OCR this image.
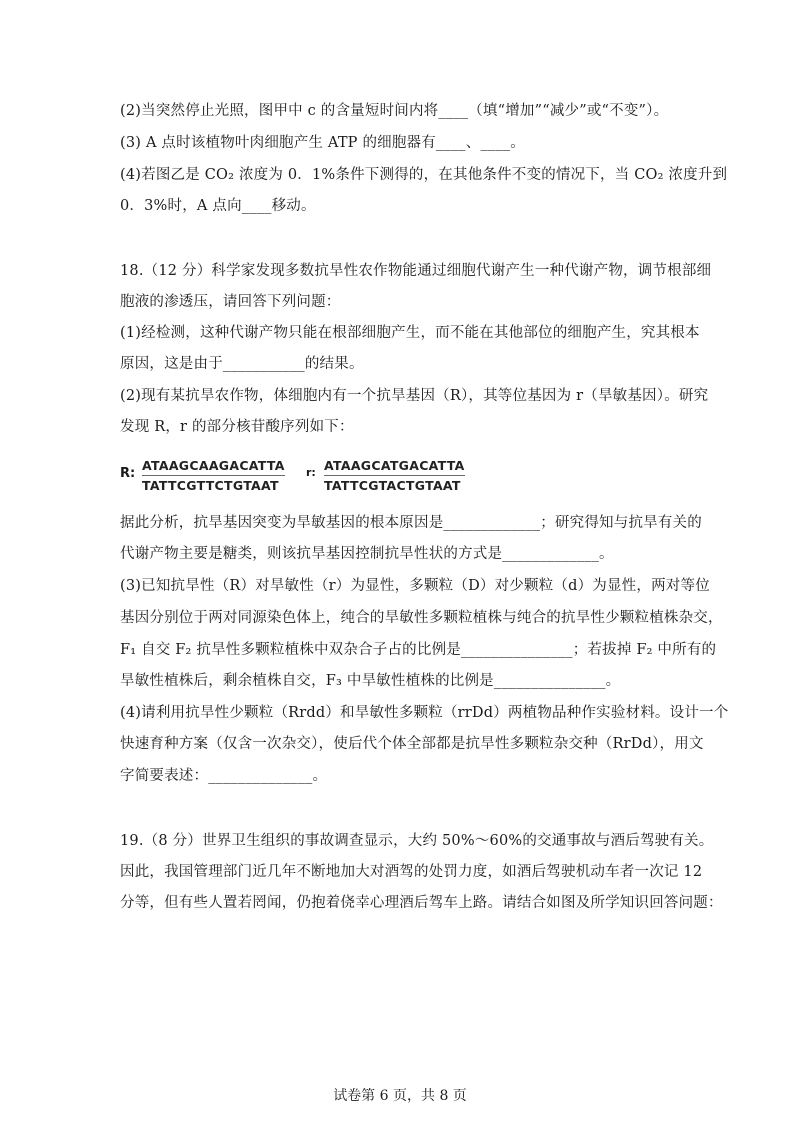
(2)当突然停止光照，图甲中 c 的含量短时间内将____（填“增加”“减少”或“不变”）。
(3) A 点时该植物叶肉细胞产生 ATP 的细胞器有____、____。
(4)若图乙是 CO₂ 浓度为 0．1%条件下测得的，在其他条件不变的情况下，当 CO₂ 浓度升到
0．3%时，A 点向____移动。
18.（12 分）科学家发现多数抗旱性农作物能通过细胞代谢产生一种代谢产物，调节根部细
胞液的渗透压，请回答下列问题：
(1)经检测，这种代谢产物只能在根部细胞产生，而不能在其他部位的细胞产生，究其根本
原因，这是由于___________的结果。
(2)现有某抗旱农作物，体细胞内有一个抗旱基因（R），其等位基因为 r（旱敏基因）。研究
发现 R，r 的部分核苷酸序列如下：
R:
ATAAGCAAGACATTA
TATTCGTTCTGTAAT
r: ATAAGCATGACATTA
TATTCGTACTGTAAT
据此分析，抗旱基因突变为旱敏基因的根本原因是_____________；研究得知与抗旱有关的
代谢产物主要是糖类，则该抗旱基因控制抗旱性状的方式是_____________。
(3)已知抗旱性（R）对旱敏性（r）为显性，多颗粒（D）对少颗粒（d）为显性，两对等位
基因分别位于两对同源染色体上，纯合的旱敏性多颗粒植株与纯合的抗旱性少颗粒植株杂交，
F₁ 自交 F₂ 抗旱性多颗粒植株中双杂合子占的比例是_______________；若拔掉 F₂ 中所有的
旱敏性植株后，剩余植株自交，F₃ 中旱敏性植株的比例是_______________。
(4)请利用抗旱性少颗粒（Rrdd）和旱敏性多颗粒（rrDd）两植物品种作实验材料。设计一个
快速育种方案（仅含一次杂交），使后代个体全部都是抗旱性多颗粒杂交种（RrDd），用文
字简要表述：______________。
19.（8 分）世界卫生组织的事故调查显示，大约 50%～60%的交通事故与酒后驾驶有关。
因此，我国管理部门近几年不断地加大对酒驾的处罚力度，如酒后驾驶机动车者一次记 12
分等，但有些人置若罔闻，仍抱着侥幸心理酒后驾车上路。请结合如图及所学知识回答问题：
试卷第 6 页，共 8 页
